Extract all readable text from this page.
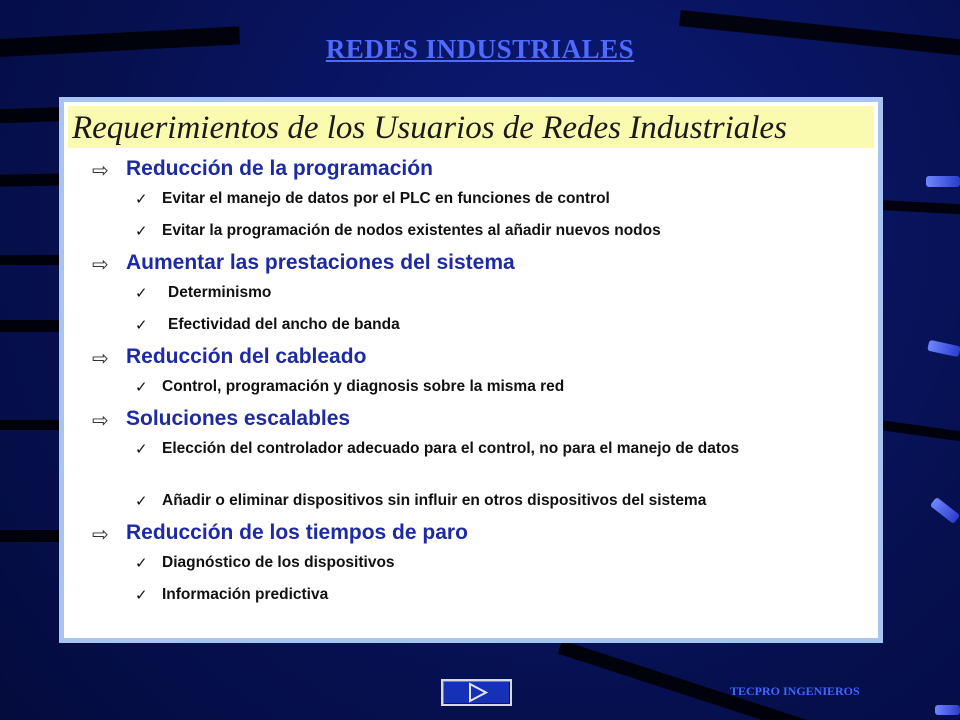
REDES INDUSTRIALES
Requerimientos de los Usuarios de Redes Industriales
⇨ Reducción de la programación
✓ Evitar el manejo de datos por el PLC en funciones de control
✓ Evitar la programación de nodos existentes al añadir nuevos nodos
⇨ Aumentar las prestaciones del sistema
✓ Determinismo
✓ Efectividad del ancho de banda
⇨ Reducción del cableado
✓ Control, programación y diagnosis sobre la misma red
⇨ Soluciones escalables
✓ Elección del controlador adecuado para el control, no para el manejo de datos
✓ Añadir o eliminar dispositivos sin influir en otros dispositivos del sistema
⇨ Reducción de los tiempos de paro
✓ Diagnóstico de los dispositivos
✓ Información predictiva
TECPRO INGENIEROS
